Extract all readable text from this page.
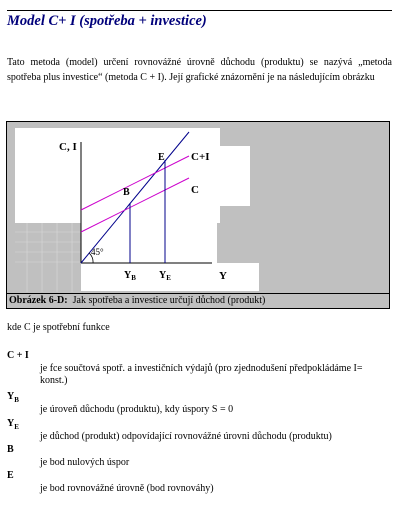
Model C+ I (spotřeba + investice)
Tato metoda (model) určení rovnovážné úrovně důchodu (produktu) se nazývá „metoda spotřeba plus investice“ (metoda C + I). Její grafické znázornění je na následujícím obrázku
C, I
Y
45°
B
E C+I
C
$Y_B$ $Y_E$
Obrázek 6-D: Jak spotřeba a investice určují důchod (produkt)
kde C je spotřební funkce
C + I
je fce součtová spotř. a investičních výdajů (pro zjednodušení předpokládáme I= konst.)
$Y_B$
je úroveň důchodu (produktu), kdy úspory S = 0
$Y_E$
je důchod (produkt) odpovídající rovnovážné úrovni důchodu (produktu)
B
je bod nulových úspor
E
je bod rovnovážné úrovně (bod rovnováhy)
